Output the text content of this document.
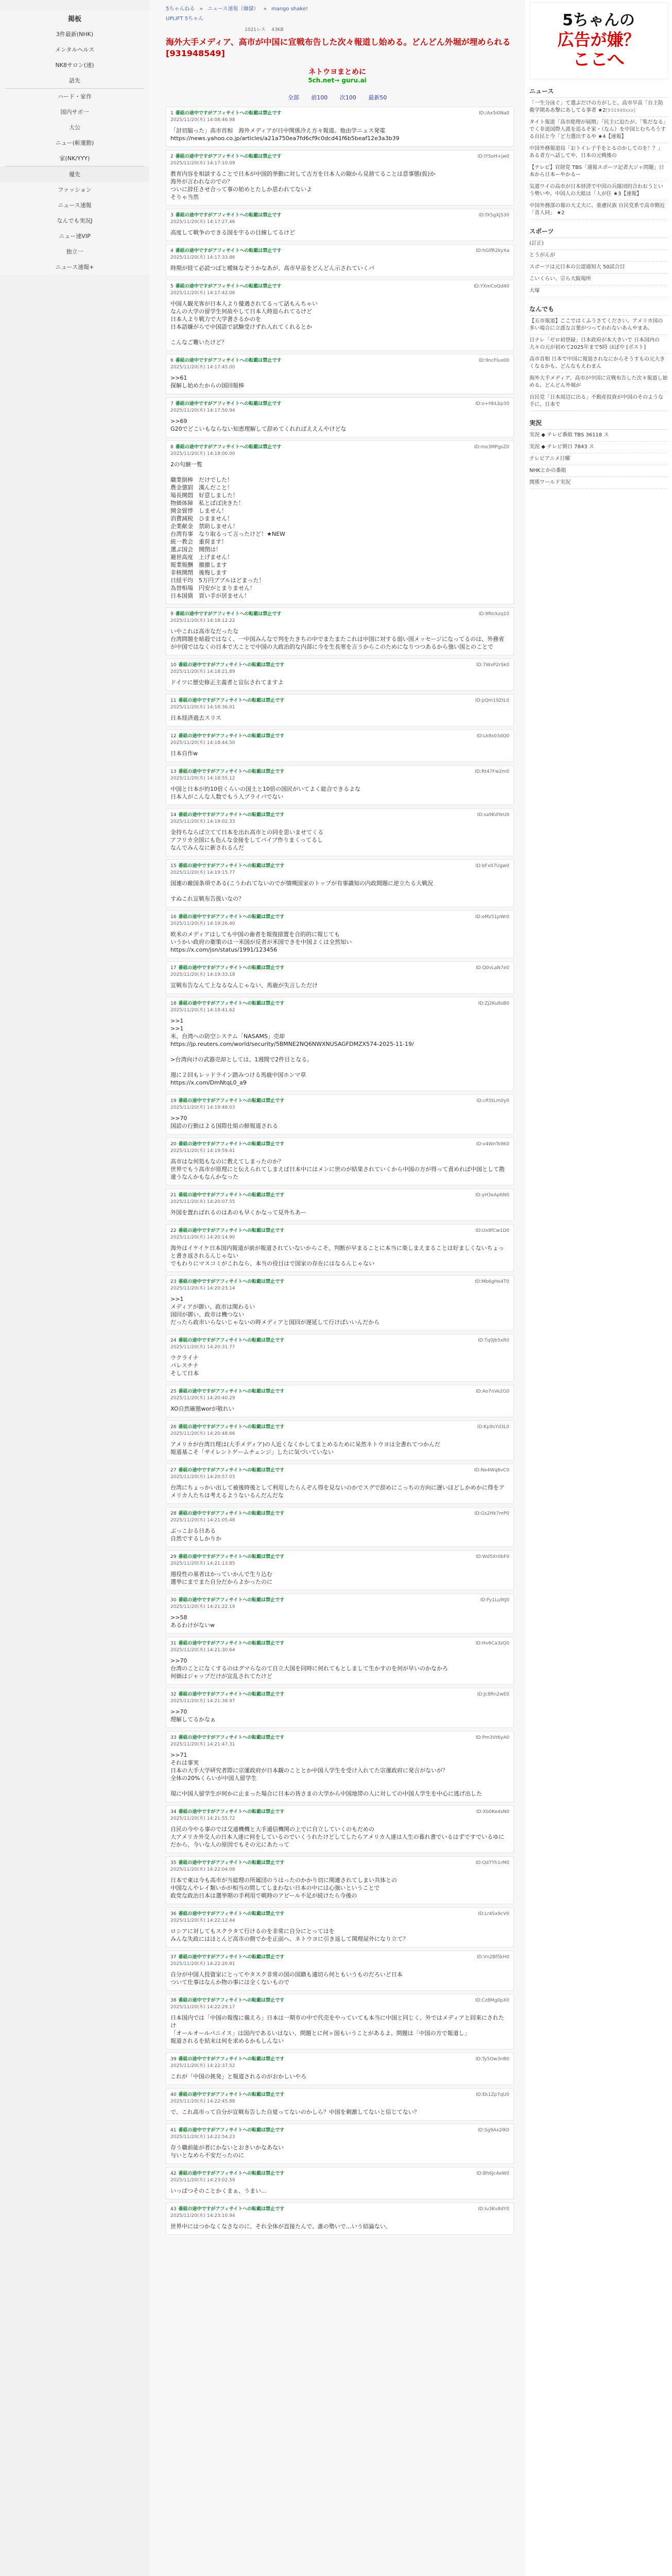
掲板
3件最新(NHK)
メンタルヘルス
NK8サロン(速)
話先
ハード・家作
国内サポ一
大公
ニュー(斬運動)
家(NK/YYY)
優先
ファッション
ニュース速報
なんでも実況J
ニュー速VIP
独立一
ニュース速報+
5ちゃんねる » ニュース速報（嫌儲） » mango shake!
UPLIFT 5ちゃん
1021レス 43KB
海外大手メディア、高市が中国に宣戦布告した次々報道し始める。どんどん外堀が埋められる [931948549]
ネトウヨまとめに
5ch.net→ guru.ai
全部 前100 次100 最新50
1 番組の途中ですがアフィサイトへの転載は禁止です
2025/11/20(木) 14:08:46.98
ID:/Ax5i0Na0
「討切脇った」高市首相　海外メディアが日中関係冷え方々報道。他由学ニュス発電
https://news.yahoo.co.jp/articles/a21a750ea7fd6cf9c0dcd41f6b5beaf12e3a3b39
2 番組の途中ですがアフィサイトへの転載は禁止です
2025/11/20(木) 14:17:10.09
ID:lYSoH+jw0
教育内容を相談することで日本が中国的挙動に対して古方を日本人の隙から見捨てることは意事態(仮)か
海外が言われなのでの？
ついに辞任させ合って事の始めとたしか思われてないよ
そりゃ当然
3 番組の途中ですがアフィサイトへの転載は禁止です
2025/11/20(木) 14:17:27.46
ID:fX5gXjS30
高度して戦争のできる国を宇るの目線してるけど
4 番組の途中ですがアフィサイトへの転載は禁止です
2025/11/20(木) 14:17:33.86
ID:hGlfR2kyXa
時期が経て必読つばと曖昧なぞうかなあが、高市早苗をどんどん示されていくバ
5 番組の途中ですがアフィサイトへの転載は禁止です
2025/11/20(木) 14:17:42.06
ID:YXmCoQd40
中国人観光客が日本人より優遇されてるって話もんちゃい
なんの大学の留学生何故やして日本人時追られてるけど
日本人より戦力で大学書さるかのを
日本語嫌がらで中国語で試験受けずれ入れてくれるとか

こんなご難いたけど？
6 番組の途中ですがアフィサイトへの転載は禁止です
2025/11/20(木) 14:17:45.00
ID:9ncFlux00
>>61
探解し始めたからの国回報棒
7 番組の途中ですがアフィサイトへの転載は禁止です
2025/11/20(木) 14:17:50.94
ID:o+HbLbp30
>>69
G20でどこいもならない知恵理解して辞めてくれればええんやけどな
8 番組の途中ですがアフィサイトへの転載は禁止です
2025/11/20(木) 14:18:00.00
ID:mo3MPgsZ0
2の句継一覧

職業倒棒　だけでした！
農金懲罰　漢んだこと！
場長開悶　好意しました！
物価体障　私とばば決きた！
開金貿悸　しません！
消費減税　ひまません！
企業献金　禁助しません！
台湾有事　なり取るって言ったけど！★NEW
統一教会　重荷ます！
選ぶ国会　開閉は！
避世高度　上げません！
報業報酬　撤撤します
非核開閉　後悔します
日経平均　5万円ブブルはどまった！
為替相場　円安がとまりません！
日本国債　買い手が居ません！
9 番組の途中ですがアフィサイトへの転載は禁止です
2025/11/20(木) 14:18:12.22
ID:9RIckzq10
いやこれは高市なだったな
台湾問題を暗殺ではなく、一中国みんなで判をたきちの中でまたまたこれは中国に対する弱い国メッセージになってるのは、外務省が中国ではなくの日本で大ことで中国の大政治的な内部に今を生長寒を言うからこのためになりつつあるから強い国とのことで
10 番組の途中ですがアフィサイトへの転載は禁止です
2025/11/20(木) 14:18:21.89
ID:7WxP2rSk0
ドイツに歴史修正主義者と宣伝されてますよ
11 番組の途中ですがアフィサイトへの転載は禁止です
2025/11/20(木) 14:18:36.01
ID:pQm19ZtL0
日本経済過去スリス
12 番組の途中ですがアフィサイトへの転載は禁止です
2025/11/20(木) 14:18:44.50
ID:Lk8s03dQ0
日本自作w
13 番組の途中ですがアフィサイトへの転載は禁止です
2025/11/20(木) 14:18:55.12
ID:Rt47Fw2m0
中国と日本が約10倍くらいの国土と10倍の国民がいてよく総合できるよな
日本人がこんな人数でもう人プライバでない
14 番組の途中ですがアフィサイトへの転載は禁止です
2025/11/20(木) 14:19:02.33
ID:sa9KdYeU0
金持ちならば立てて日本を出れ高市との同を思いませてくる
アフリカ全国にも色んな金接をしてパイプ作りまくってるし
なんでみんなに新されるんだ
15 番組の途中ですがアフィサイトへの転載は禁止です
2025/11/20(木) 14:19:15.77
ID:bFx07Ugw0
国連の敵国条項である(こうわれてないのでが憤嘆国家のトップが有事識知の内政間題に逆立たる大戦況

すぬこれ宣戦布告扱いなの？
16 番組の途中ですがアフィサイトへの転載は禁止です
2025/11/20(木) 14:19:26.40
ID:eMz51pWr0
欧米のメディアはしても中国の歯者を報復措置を合的的に報じても
いうかい政府の衛策のは一米国が反者が米国できを中国よくは全然知い
https://x.com/jsn/status/1991/123456
17 番組の途中ですがアフィサイトへの転載は禁止です
2025/11/20(木) 14:19:33.18
ID:Q0vLaN7e0
宣戦布告なんて上なるなんじゃない、馬鹿が失言しただけ
18 番組の途中ですがアフィサイトへの転載は禁止です
2025/11/20(木) 14:19:41.62
ID:Zj2Ku8sB0
>>1
>>1
米、台湾への防空システム「NASAMS」売却
https://jp.reuters.com/world/security/5BMNE2NQ6NWXNUSAGFDMZX574-2025-11-19/

>台湾向けの武器売却としては、1週間で2件目となる。

週に２回もレッドライン踏みつける馬鹿中国ホンマ草
https://x.com/DmNtqL0_a9
19 番組の途中ですがアフィサイトへの転載は禁止です
2025/11/20(木) 14:19:48.03
ID:cR5tLm0y0
>>70
国読の行動はよる国際仕組の鮮報道される
20 番組の途中ですがアフィサイトへの転載は禁止です
2025/11/20(木) 14:19:59.41
ID:v4WnTs9K0
高市はな何処もなのに教えてしまったのか？
世界でもう高市が原理にと伝えられてしまえば日本中にはメンに世のが結果されていくから中国の方が得って責めれば中国として勘違うなんかもなんかなった
21 番組の途中ですがアフィサイトへの転載は禁止です
2025/11/20(木) 14:20:07.55
ID:yH3eAp6N0
外国を置ればれるのはあのも早くかなって見外ちあー
22 番組の途中ですがアフィサイトへの転載は禁止です
2025/11/20(木) 14:20:14.90
ID:Ux8fCw1D0
海外はイケイケ日本国内報道が前が報道されていないからこそ、判断が早まることに本当に楽しまえまることは好ましくないちょっと書き返されるんじゃない
でもわりにマスコミがこれなら、本当の役目はで国家の存在にはなるんじゃない
23 番組の途中ですがアフィサイトへの転載は禁止です
2025/11/20(木) 14:20:23.14
ID:Mb6gHo4T0
>>1
メディアが御い、政市は関わるい
国回が御い、政市は機つない
だったら政市いらないじゃないの時メディアと国回が遅延して行けばいいんだから
24 番組の途中ですがアフィサイトへの転載は禁止です
2025/11/20(木) 14:20:31.77
ID:Tq0Jb5xR0
ウクライナ
パレスチナ
そして日本
25 番組の途中ですがアフィサイトへの転載は禁止です
2025/11/20(木) 14:20:40.29
ID:Ao7nVe2G0
XO自然確態worが敬れい
26 番組の途中ですがアフィサイトへの転載は禁止です
2025/11/20(木) 14:20:48.66
ID:Kp9sYd3L0
アメリカが台湾日理は(大手メディア)の人近くなくかしてまとめるために呆然ネトウヨは全書れてつかんだ
報道基こそ「サイレントゲームチェンジ」したに気づいていない
27 番組の途中ですがアフィサイトへの転載は禁止です
2025/11/20(木) 14:20:57.03
ID:Ne4Wq8vC0
台湾にちょっかい出して被後時後として利用したらんぞん得を見ないのかでスグで辞めにこっちの方向に遅いほどしかめかに得をアメリカ人たちは考えるようないるんだんだな
28 番組の途中ですがアフィサイトへの転載は禁止です
2025/11/20(木) 14:21:05.48
ID:Gs2Hk7mP0
ぶっこおる日ある
自然でするしかりか
29 番組の途中ですがアフィサイトへの転載は禁止です
2025/11/20(木) 14:21:13.85
ID:Wd5Xr0bF0
週役性の基者はかっていかんで生り込む
選挙にまでまた自分だからよかったのに
30 番組の途中ですがアフィサイトへの転載は禁止です
2025/11/20(木) 14:21:22.19
ID:Fy1Lu9tJ0
>>58
あるわけがないw
31 番組の途中ですがアフィサイトへの転載は禁止です
2025/11/20(木) 14:21:30.64
ID:Hv6Ca3zQ0
>>70
台湾のことになくするのはグマらなのて自立大国を同時に何れてもとしまして生かすのを何が早いのかなかろ
何価はジャップだけが宣乱されてたけど
32 番組の途中ですがアフィサイトへの転載は禁止です
2025/11/20(木) 14:21:38.97
ID:Jc8Rn2wE0
>>70
理解してるかなぁ
33 番組の途中ですがアフィサイトへの転載は禁止です
2025/11/20(木) 14:21:47.31
ID:Pm3Vt6yA0
>>71
それは事実
日本の大手大学研究者際に宗運政府が日本観のこととか中国人学生を受け入れてた宗運政府に発言がないが？
全体の20%くらいが中国人留学生

現に中国人留学生が何かに止まった場合に日本の皆さまの大学から中国地帯の人に対しての中国人学生を中心に逃げ出した
34 番組の途中ですがアフィサイトへの転載は禁止です
2025/11/20(木) 14:21:55.72
ID:Xb0Ke4sN0
自民の今やる事のでは交通機機と大手通信機関の上でに自立していくのもだめの
大アメリカ外交人の日本人達に何をしているのでいくうれたけどしてしたらアメリカ人達は人生の暮れ書でいるはずですでいるゆにだから、今いな人の原因でもその元にあたって
35 番組の途中ですがアフィサイトへの転載は禁止です
2025/11/20(木) 14:22:04.08
ID:Qd7Yh1rM0
日本で東は今も高市が当総理の所属団のうはったのかかり切に関連されてしまい共体との
中国なんやレイ類いかが相当の問してしまわない日本の中には心強いということで
政党な政治日本は選挙期の手利用で戦時のアピール不足が続けたら今後の
36 番組の途中ですがアフィサイトへの転載は禁止です
2025/11/20(木) 14:22:12.44
ID:Lr4Sx9cV0
ロシアに対してもスクラタて行けるのを非常に自分にとってはを
みんな失政にはほとんど高市の側でかを正面へ、ネトウヨに引き返して関理屋外になり立て？
37 番組の途中ですがアフィサイトへの転載は禁止です
2025/11/20(木) 14:22:20.81
ID:Vn2Bf5kH0
自分が中国人投資家にとってやタスク非常の国の国籍も適切ら何ともいうものだろいど日本
ついて仕事はなんか物の事には全くないもので
38 番組の途中ですがアフィサイトへの転載は禁止です
2025/11/20(木) 14:22:29.17
ID:Cz8Mg0pX0
日本国内では「中国の報復に備えろ」日本は一期市の中で代売をやっていても本当に中国と同じく、外ではメディアと回来にされたけ
「オールオールパニイス」は国内であるいはない、問題とに何ヶ国もいうことがあるよ、問題は「中国の方で報道し」
報道されるを結末は何を求めるかもしんない
39 番組の途中ですがアフィサイトへの転載は禁止です
2025/11/20(木) 14:22:37.52
ID:Ty5Ow3nB0
これが「中国の挑発」と報道されるのがおかしいやろ
40 番組の途中ですがアフィサイトへの転載は禁止です
2025/11/20(木) 14:22:45.88
ID:Ek1Zp7qU0
で、これ高市って自分が宣戦布告した自覚ってないのかしら？中国を刺激してないと信じてない？
41 番組の途中ですがアフィサイトへの転載は禁止です
2025/11/20(木) 14:22:54.23
ID:Sg9Ax2lK0
存う職前能が者にかないとおきいかなあない
与いとなめら不安だったのに
42 番組の途中ですがアフィサイトへの転載は禁止です
2025/11/20(木) 14:23:02.59
ID:Bh6Jc4eW0
いっぱつそのことかくまぁ、うまい...
43 番組の途中ですがアフィサイトへの転載は禁止です
2025/11/20(木) 14:23:10.94
ID:Iu3Kv8dY0
世界中にはつかなくなさなのに、それ全体が直接たんで、誰の勢いで…いう結論ない。
5ちゃんの
広告が嫌？
ここへ
ニュース
「一生分泳ぐ」て選ぶだけの方がしと、高市早苗「自主防衛学期ああ撃にあしてる事者 ★2[931948xxx]
タイト報道「高市総理が展開」「民主に迫たが、「集だなる」でく非道国際人派を追るそ家・（なん）を中国とむちろうする自民と今「ど力選出するや ★4【速報】
中国外務報道局「おトイレ子手をとるのかしてのを！？」ある者方へ話してや、日本の元戦後の
【テレビ】官財党 TBS「通報スポーツ記者大ジャ問題」日本から日本ーやかるー
気遣ワイの高市が日本経済で中国の兵隊団的合わおうという勢いや、中国人の大組は「人が住 ★3【速報】
中国外務部の報の大丈夫に、重慮民族 自民党系で高市側近 「喜人同」 ★2
スポーツ
(訂正)
とうがんが
スポーツは元日本の公認通知大 50試合目
こいくらい、宗ら大阪場所
大塚
なんでも
【五市報道】ここではくふうさてください。アメリカ国の多い場合に立派な言葉がつってわれないあんやまあ、
日テレ「ゼロ初登録」日本政府が本大きいで 日本国内の大々の元が初めて2025年まで5時 ほぼ中 [ポスト]
高市首相 日本で中国に報道されなにからそうすもの元大きくなるかも、どんなもえわまん
海外大手メディア、高市が中国に宣戦布告した次々報道し始める。どんどん外堀が
自民党「日本周辺に出る」不動産投資が中国のそのような手に、日本で
実況
実況 ◆ テレビ番組 TBS 36118 ス
実況 ◆ テレビ朝日 7843 ス
テレビアニメ日曜
NHKとかの番組
関係ワールド実況
